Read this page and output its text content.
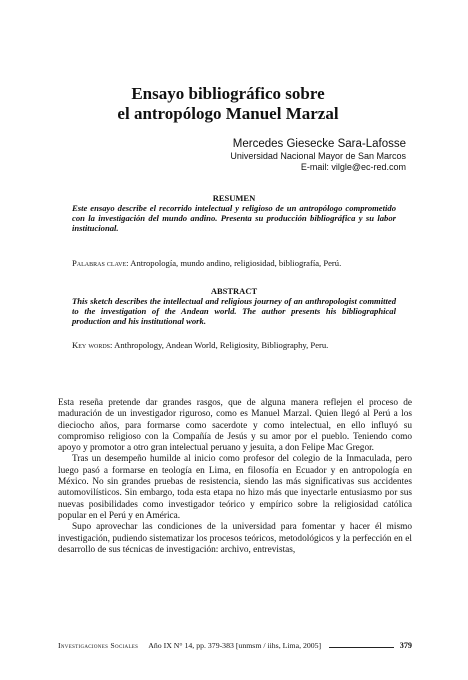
Ensayo bibliográfico sobre
el antropólogo Manuel Marzal
Mercedes Giesecke Sara-Lafosse
Universidad Nacional Mayor de San Marcos
E-mail: vilgle@ec-red.com
RESUMEN
Este ensayo describe el recorrido intelectual y religioso de un antropólogo comprometido con la investigación del mundo andino. Presenta su producción bibliográfica y su labor institucional.
Palabras clave: Antropología, mundo andino, religiosidad, bibliografía, Perú.
ABSTRACT
This sketch describes the intellectual and religious journey of an anthropologist committed to the investigation of the Andean world. The author presents his bibliographical production and his institutional work.
Key words: Anthropology, Andean World, Religiosity, Bibliography, Peru.

Esta reseña pretende dar grandes rasgos, que de alguna manera reflejen el proceso de maduración de un investigador riguroso, como es Manuel Marzal. Quien llegó al Perú a los dieciocho años, para formarse como sacerdote y como intelectual, en ello influyó su compromiso religioso con la Compañía de Jesús y su amor por el pueblo. Teniendo como apoyo y promotor a otro gran intelectual peruano y jesuita, a don Felipe Mac Gregor.

Tras un desempeño humilde al inicio como profesor del colegio de la Inmaculada, pero luego pasó a formarse en teología en Lima, en filosofía en Ecuador y en antropología en México. No sin grandes pruebas de resistencia, siendo las más significativas sus accidentes automovilísticos. Sin embargo, toda esta etapa no hizo más que inyectarle entusiasmo por sus nuevas posibilidades como investigador teórico y empírico sobre la religiosidad católica popular en el Perú y en América.

Supo aprovechar las condiciones de la universidad para fomentar y hacer él mismo investigación, pudiendo sistematizar los procesos teóricos, metodológicos y la perfección en el desarrollo de sus técnicas de investigación: archivo, entrevistas,

Investigaciones Sociales Año IX N° 14, pp. 379-383 [unmsm / iihs, Lima, 2005]	379
